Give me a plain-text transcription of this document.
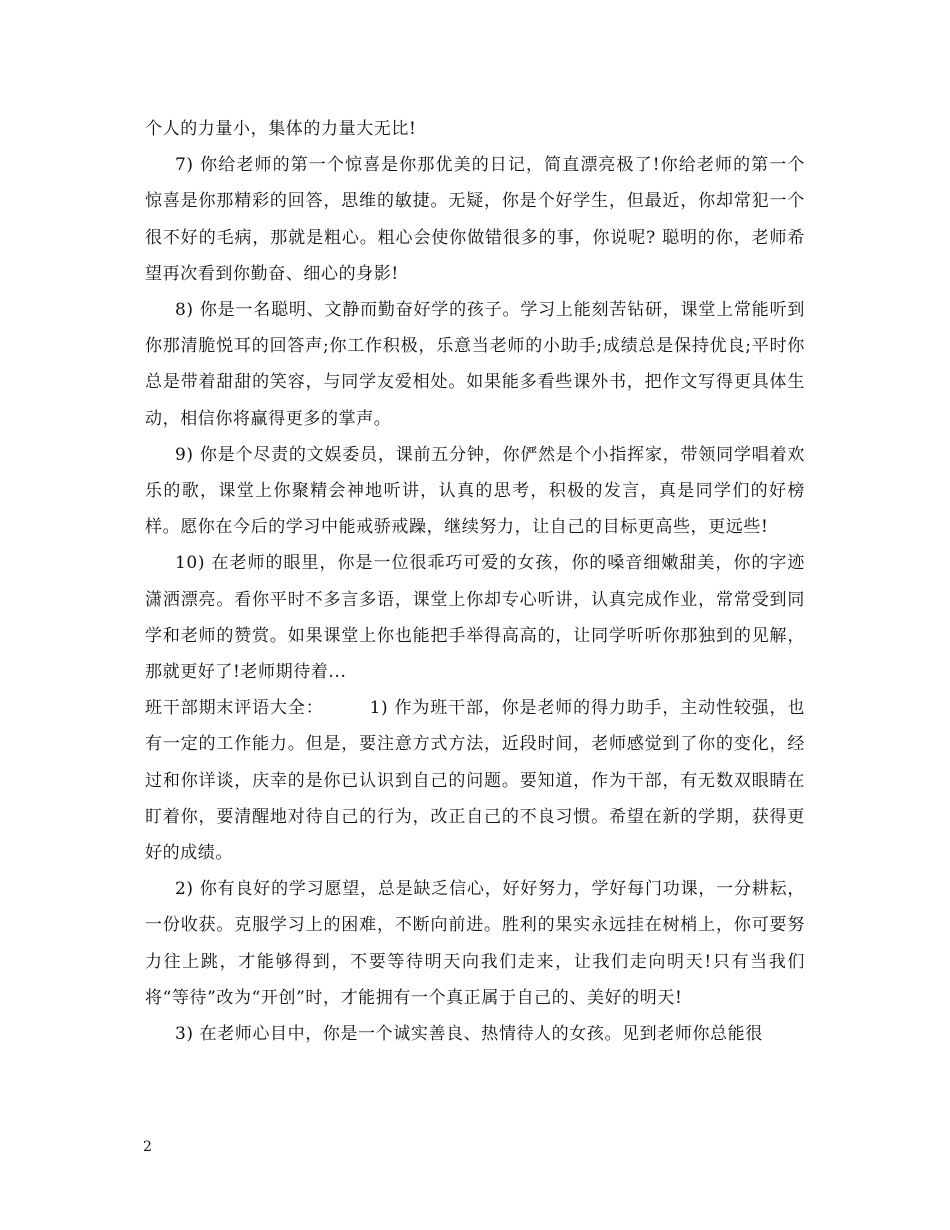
个人的力量小，集体的力量大无比!

7) 你给老师的第一个惊喜是你那优美的日记，简直漂亮极了!你给老师的第一个惊喜是你那精彩的回答，思维的敏捷。无疑，你是个好学生，但最近，你却常犯一个很不好的毛病，那就是粗心。粗心会使你做错很多的事，你说呢? 聪明的你，老师希望再次看到你勤奋、细心的身影!

8) 你是一名聪明、文静而勤奋好学的孩子。学习上能刻苦钻研，课堂上常能听到你那清脆悦耳的回答声;你工作积极，乐意当老师的小助手;成绩总是保持优良;平时你总是带着甜甜的笑容，与同学友爱相处。如果能多看些课外书，把作文写得更具体生动，相信你将赢得更多的掌声。

9) 你是个尽责的文娱委员，课前五分钟，你俨然是个小指挥家，带领同学唱着欢乐的歌，课堂上你聚精会神地听讲，认真的思考，积极的发言，真是同学们的好榜样。愿你在今后的学习中能戒骄戒躁，继续努力，让自己的目标更高些，更远些!

10) 在老师的眼里，你是一位很乖巧可爱的女孩，你的嗓音细嫩甜美，你的字迹潇洒漂亮。看你平时不多言多语，课堂上你却专心听讲，认真完成作业，常常受到同学和老师的赞赏。如果课堂上你也能把手举得高高的，让同学听听你那独到的见解，那就更好了!老师期待着...

班干部期末评语大全：	1) 作为班干部，你是老师的得力助手，主动性较强，也有一定的工作能力。但是，要注意方式方法，近段时间，老师感觉到了你的变化，经过和你详谈，庆幸的是你已认识到自己的问题。要知道，作为干部，有无数双眼睛在盯着你，要清醒地对待自己的行为，改正自己的不良习惯。希望在新的学期，获得更好的成绩。

2) 你有良好的学习愿望，总是缺乏信心，好好努力，学好每门功课，一分耕耘，一份收获。克服学习上的困难，不断向前进。胜利的果实永远挂在树梢上，你可要努力往上跳，才能够得到，不要等待明天向我们走来，让我们走向明天!只有当我们将“等待”改为“开创”时，才能拥有一个真正属于自己的、美好的明天!

3) 在老师心目中，你是一个诚实善良、热情待人的女孩。见到老师你总能很

2
